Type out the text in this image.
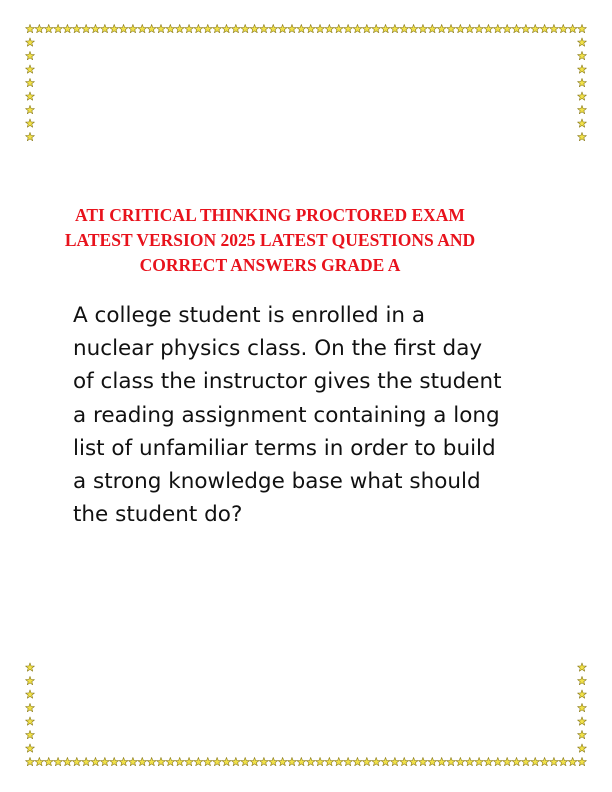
ATI CRITICAL THINKING PROCTORED EXAM
LATEST VERSION 2025 LATEST QUESTIONS AND
CORRECT ANSWERS GRADE A

A college student is enrolled in a
nuclear physics class. On the first day
of class the instructor gives the student
a reading assignment containing a long
list of unfamiliar terms in order to build
a strong knowledge base what should
the student do?
